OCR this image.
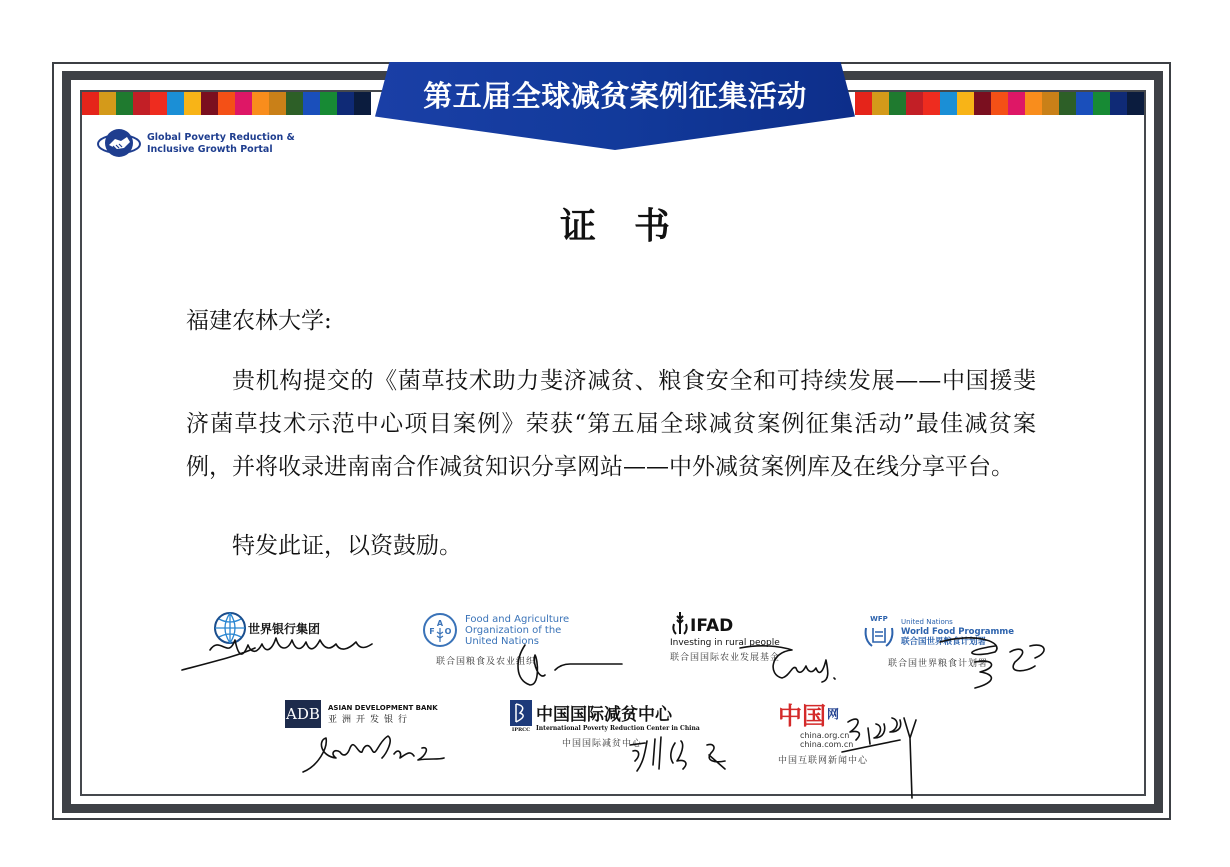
第五届全球减贫案例征集活动
Global Poverty Reduction &
Inclusive Growth Portal
证书
福建农林大学:

贵机构提交的《菌草技术助力斐济减贫、粮食安全和可持续发展——中国援斐济菌草技术示范中心项目案例》荣获“第五届全球减贫案例征集活动”最佳减贫案例，并将收录进南南合作减贫知识分享网站——中外减贫案例库及在线分享平台。

特发此证，以资鼓励。
世界银行集团	A
F O
Food and Agriculture
Organization of the
United Nations
联合国粮食及农业组织
IFAD
Investing in rural people
联合国国际农业发展基金
WFP United Nations
World Food Programme
联合国世界粮食计划署
联合国世界粮食计划署
ADB ASIAN DEVELOPMENT BANK
亚洲开发银行
IPRCC
中国国际减贫中心
International Poverty Reduction Center in China
中国国际减贫中心
中国 网
china.org.cn
china.com.cn
中国互联网新闻中心
